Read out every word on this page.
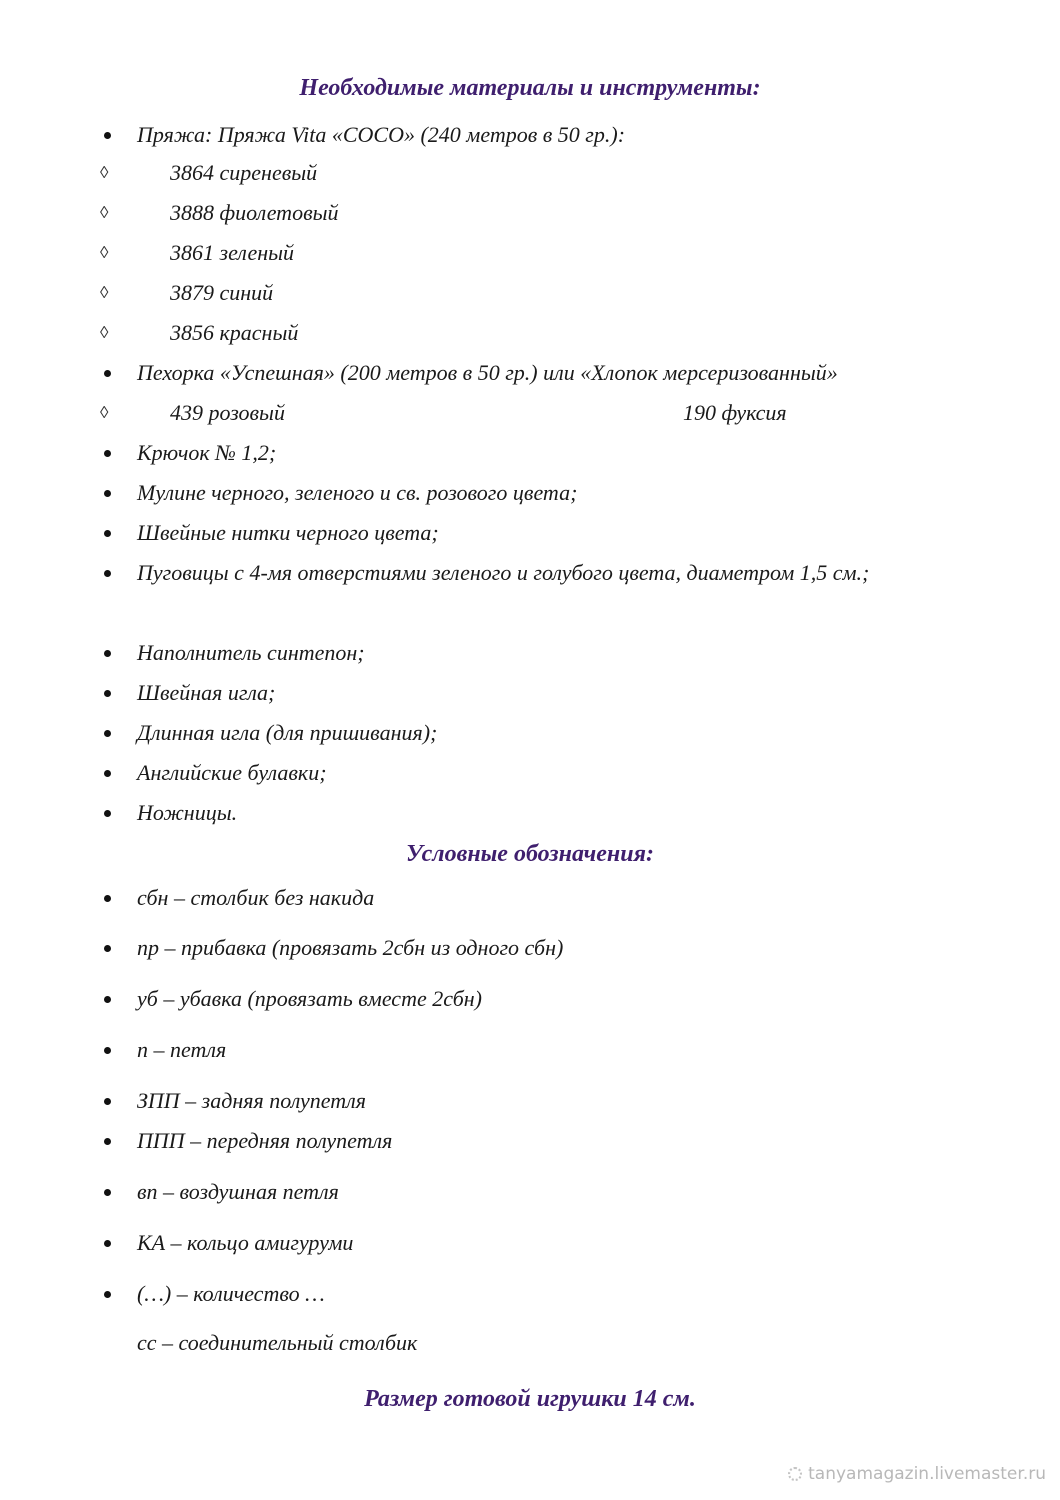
Необходимые материалы и инструменты:
Пряжа: Пряжа Vita «COCO» (240 метров в 50 гр.):
◊	3864 сиреневый
◊	3888 фиолетовый
◊	3861 зеленый
◊	3879 синий
◊	3856 красный
Пехорка «Успешная» (200 метров в 50 гр.) или «Хлопок мерсеризованный»
◊	439 розовый	190 фуксия
Крючок № 1,2;
Мулине черного, зеленого и св. розового цвета;
Швейные нитки черного цвета;
Пуговицы с 4-мя отверстиями зеленого и голубого цвета, диаметром 1,5 см.;
Наполнитель синтепон;
Швейная игла;
Длинная игла (для пришивания);
Английские булавки;
Ножницы.
Условные обозначения:
сбн – столбик без накида
пр – прибавка (провязать 2сбн из одного сбн)
уб – убавка (провязать вместе 2сбн)
п – петля
ЗПП – задняя полупетля
ППП – передняя полупетля
вп – воздушная петля
КА – кольцо амигуруми
(…) – количество …
сс – соединительный столбик
Размер готовой игрушки 14 см.
tanyamagazin.livemaster.ru
